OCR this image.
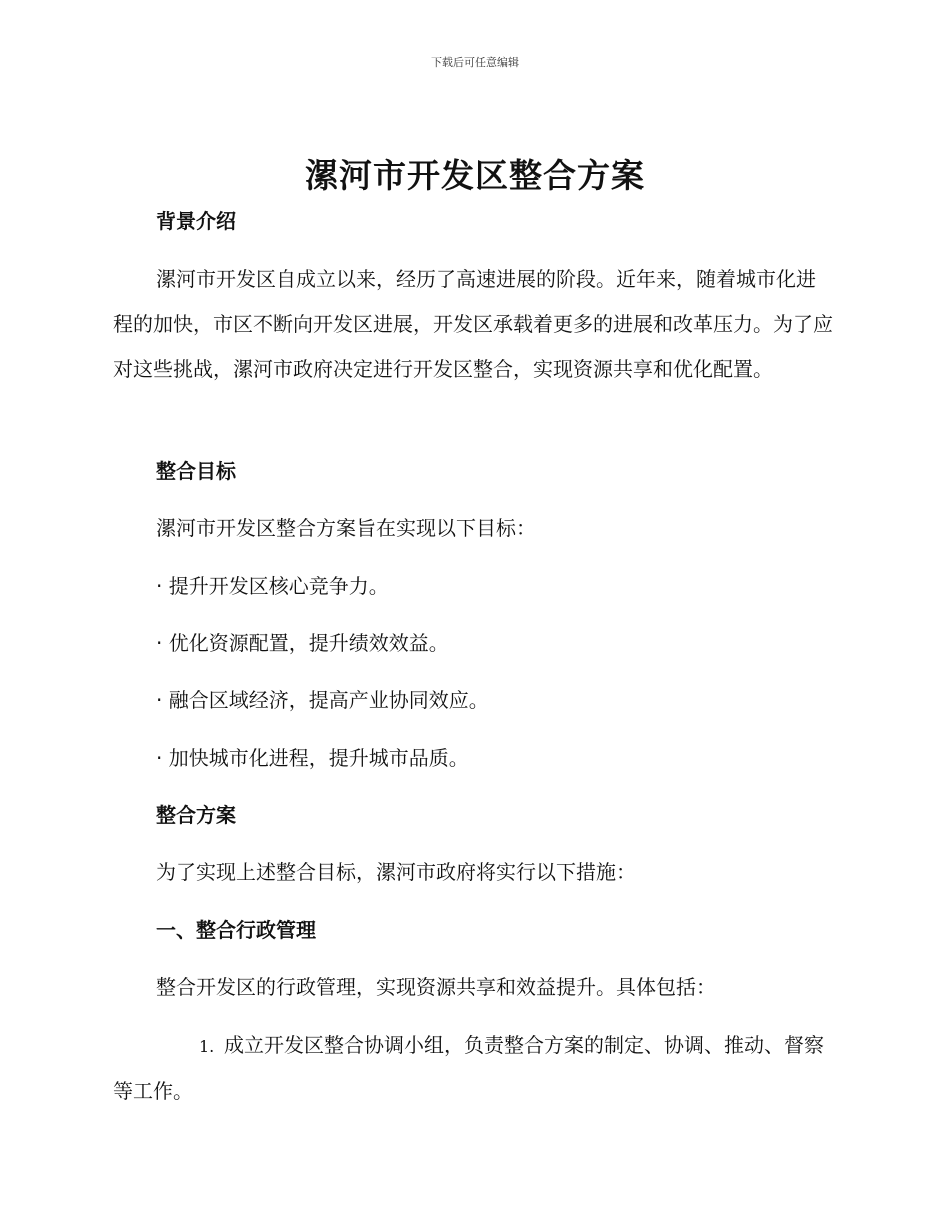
下载后可任意编辑
漯河市开发区整合方案
背景介绍
漯河市开发区自成立以来，经历了高速进展的阶段。近年来，随着城市化进程的加快，市区不断向开发区进展，开发区承载着更多的进展和改革压力。为了应对这些挑战，漯河市政府决定进行开发区整合，实现资源共享和优化配置。
整合目标
漯河市开发区整合方案旨在实现以下目标：
· 提升开发区核心竞争力。
· 优化资源配置，提升绩效效益。
· 融合区域经济，提高产业协同效应。
· 加快城市化进程，提升城市品质。
整合方案
为了实现上述整合目标，漯河市政府将实行以下措施：
一、整合行政管理
整合开发区的行政管理，实现资源共享和效益提升。具体包括：
1. 成立开发区整合协调小组，负责整合方案的制定、协调、推动、督察等工作。
